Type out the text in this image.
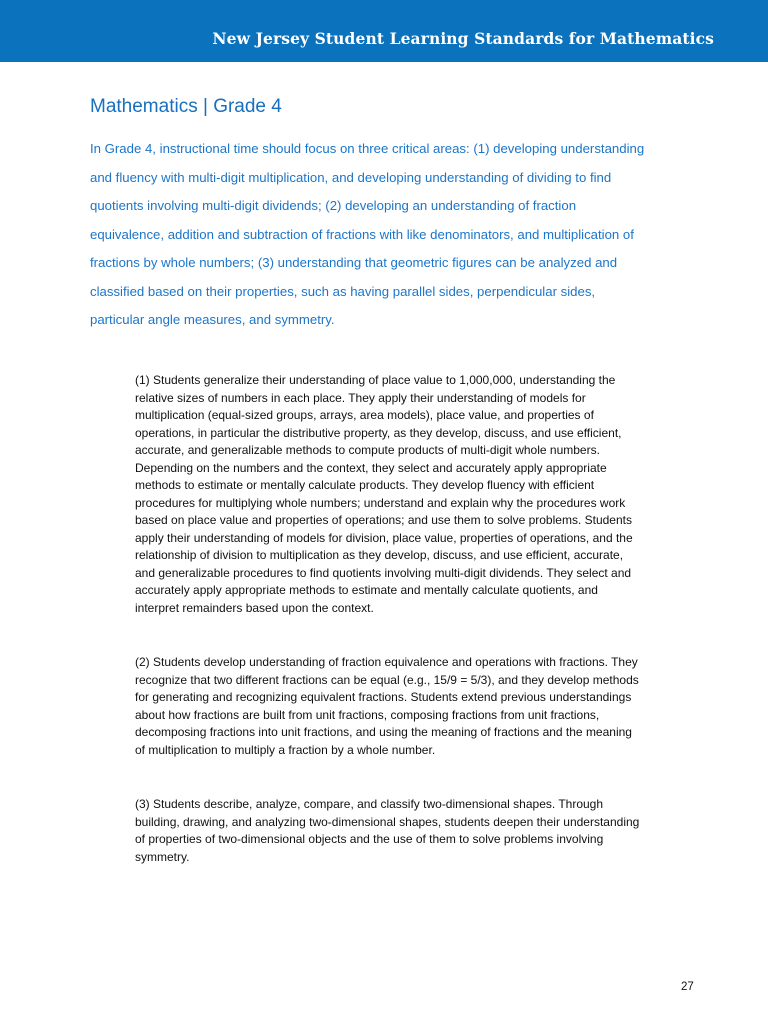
New Jersey Student Learning Standards for Mathematics
Mathematics | Grade 4

In Grade 4, instructional time should focus on three critical areas: (1) developing understanding and fluency with multi-digit multiplication, and developing understanding of dividing to find quotients involving multi-digit dividends; (2) developing an understanding of fraction equivalence, addition and subtraction of fractions with like denominators, and multiplication of fractions by whole numbers; (3) understanding that geometric figures can be analyzed and classified based on their properties, such as having parallel sides, perpendicular sides, particular angle measures, and symmetry.

(1) Students generalize their understanding of place value to 1,000,000, understanding the relative sizes of numbers in each place. They apply their understanding of models for multiplication (equal-sized groups, arrays, area models), place value, and properties of operations, in particular the distributive property, as they develop, discuss, and use efficient, accurate, and generalizable methods to compute products of multi-digit whole numbers. Depending on the numbers and the context, they select and accurately apply appropriate methods to estimate or mentally calculate products. They develop fluency with efficient procedures for multiplying whole numbers; understand and explain why the procedures work based on place value and properties of operations; and use them to solve problems. Students apply their understanding of models for division, place value, properties of operations, and the relationship of division to multiplication as they develop, discuss, and use efficient, accurate, and generalizable procedures to find quotients involving multi-digit dividends. They select and accurately apply appropriate methods to estimate and mentally calculate quotients, and interpret remainders based upon the context.

(2) Students develop understanding of fraction equivalence and operations with fractions. They recognize that two different fractions can be equal (e.g., 15/9 = 5/3), and they develop methods for generating and recognizing equivalent fractions. Students extend previous understandings about how fractions are built from unit fractions, composing fractions from unit fractions, decomposing fractions into unit fractions, and using the meaning of fractions and the meaning of multiplication to multiply a fraction by a whole number.

(3) Students describe, analyze, compare, and classify two-dimensional shapes. Through building, drawing, and analyzing two-dimensional shapes, students deepen their understanding of properties of two-dimensional objects and the use of them to solve problems involving symmetry.

27
